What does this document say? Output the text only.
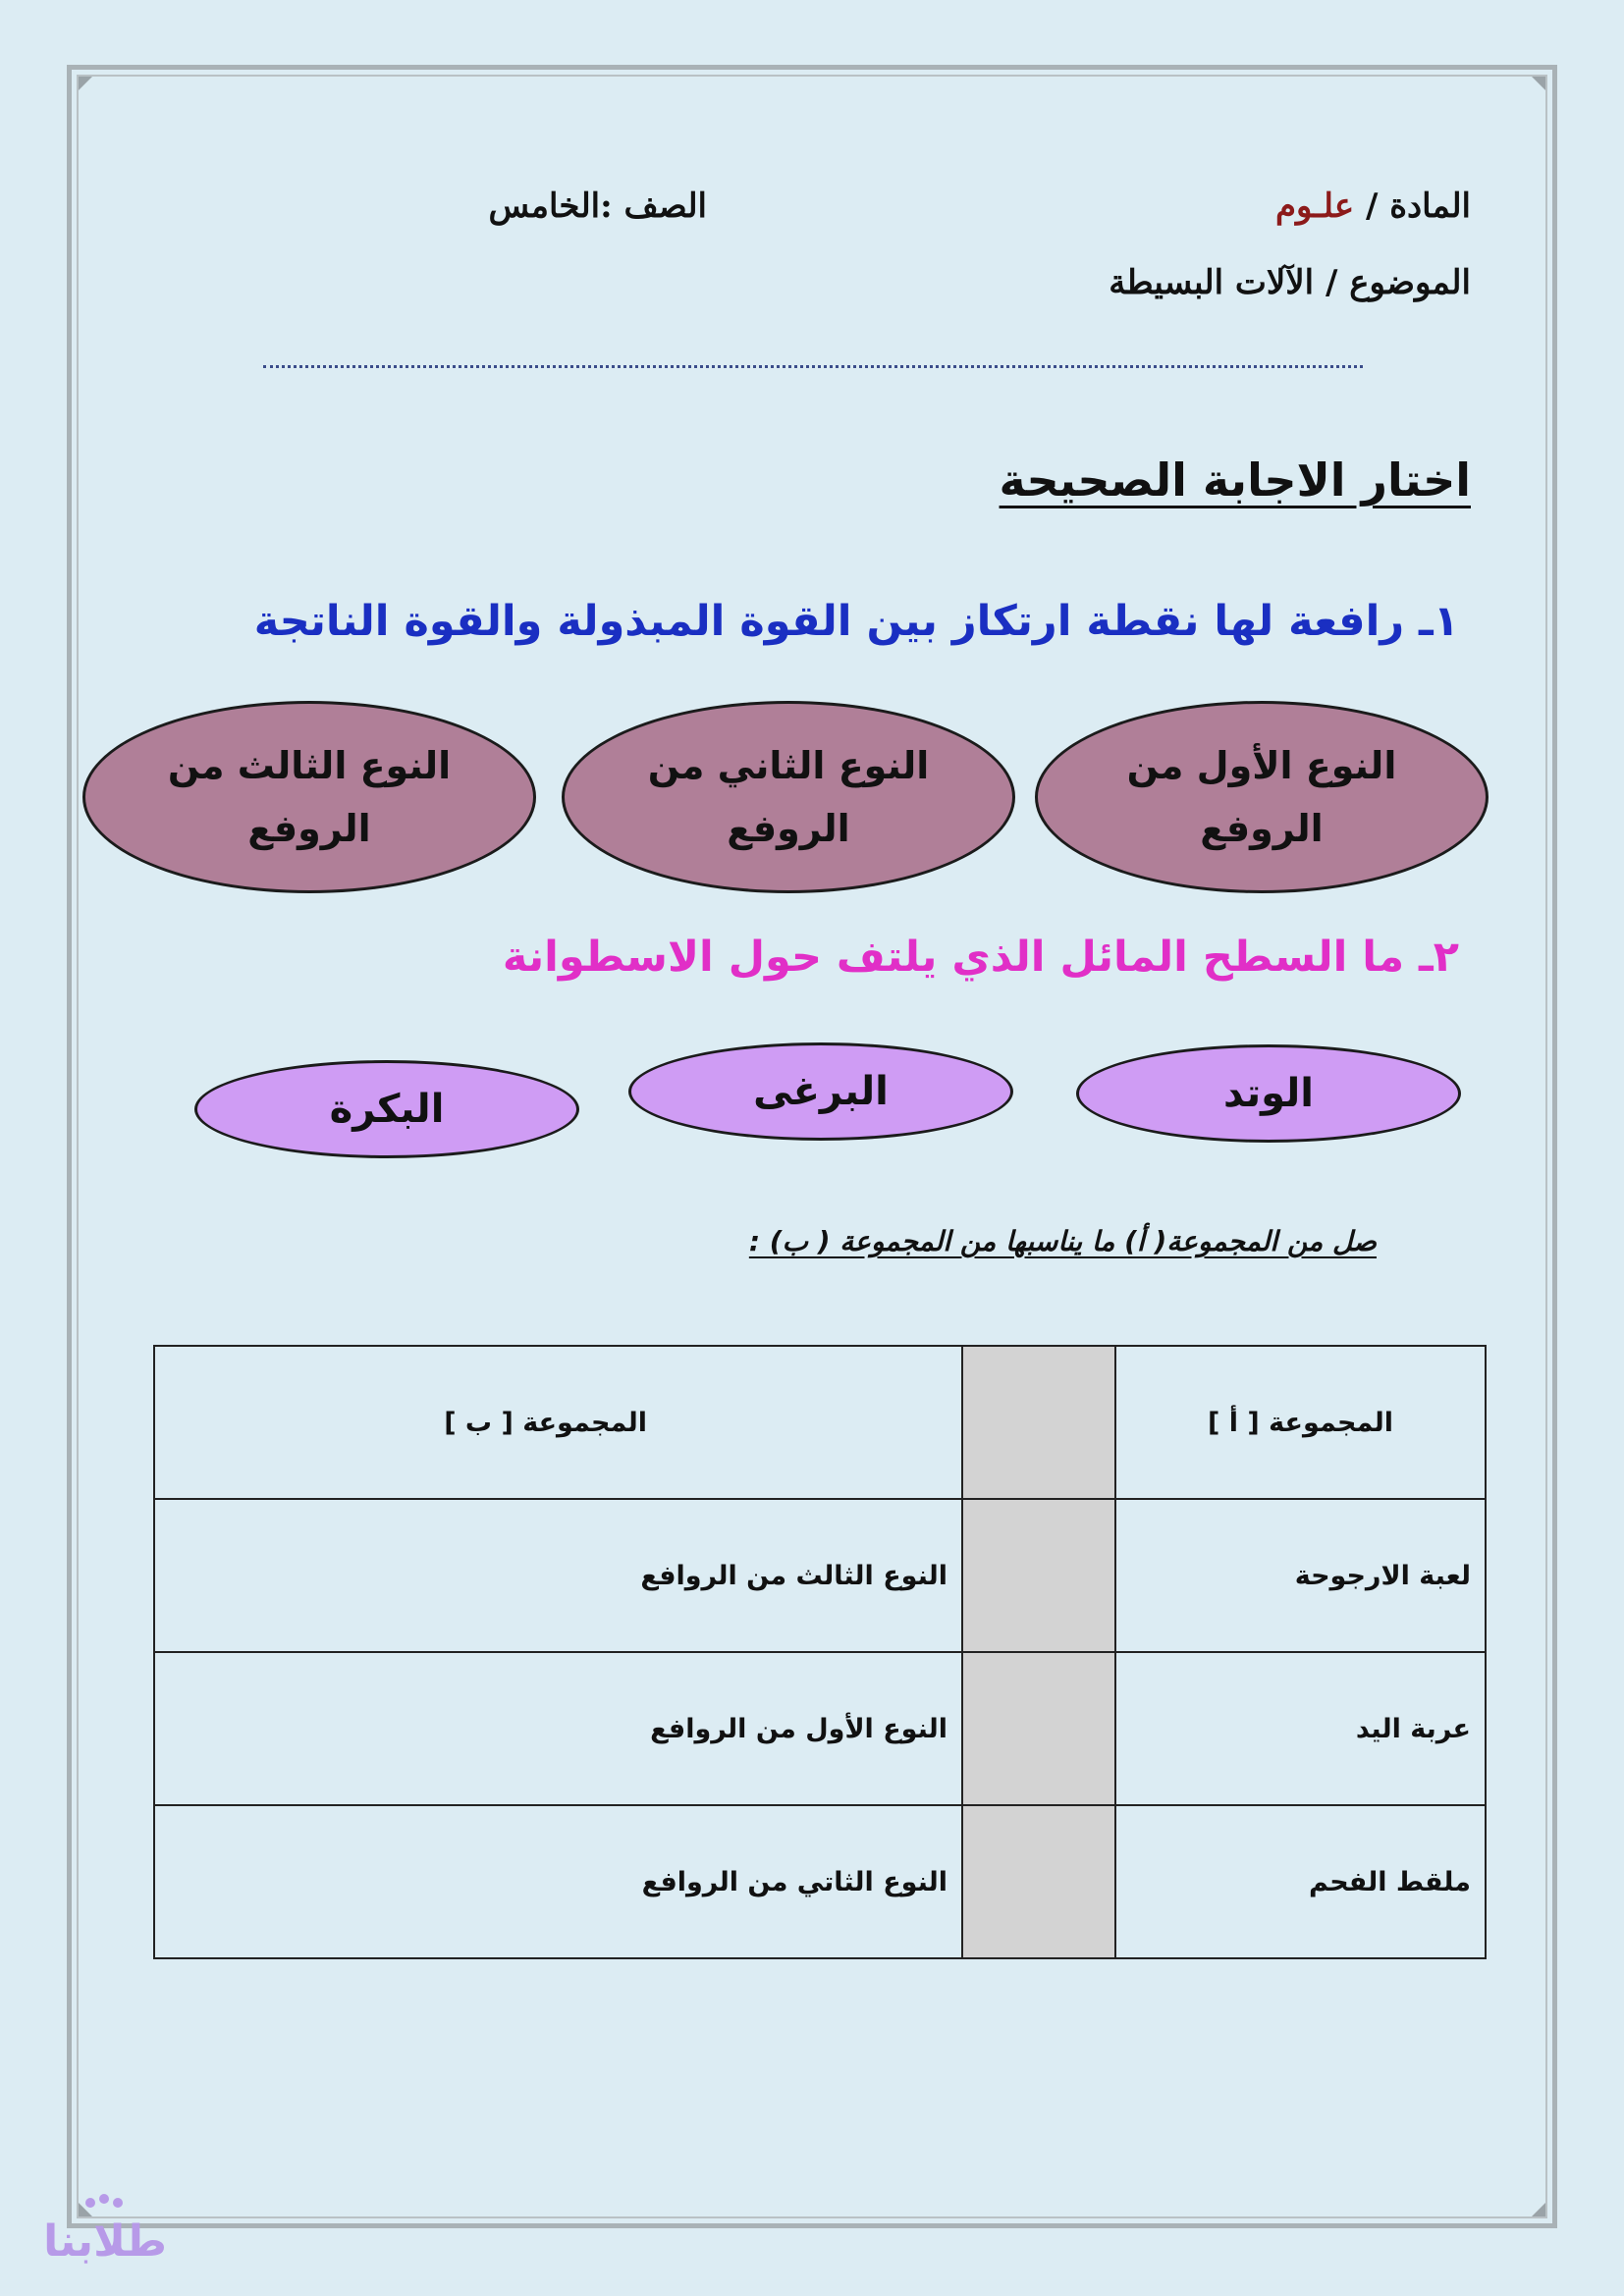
المادة / علـوم
الصف :الخامس
الموضوع / الآلات البسيطة
اختار الاجابة الصحيحة
١ـ رافعة لها نقطة ارتكاز بين القوة المبذولة والقوة الناتجة
النوع الأول من
الروفع
النوع الثاني من
الروفع
النوع الثالث من
الروفع
٢ـ ما السطح المائل الذي يلتف حول الاسطوانة
الوتد
البرغى
البكرة
صل من المجموعة( أ) ما يناسبها من المجموعة ( ب) :
المجموعة [ أ ]		المجموعة [ ب ]
لعبة الارجوحة		النوع الثالث من الروافع
عربة اليد		النوع الأول من الروافع
ملقط الفحم		النوع الثاتي من الروافع
طلابنا
